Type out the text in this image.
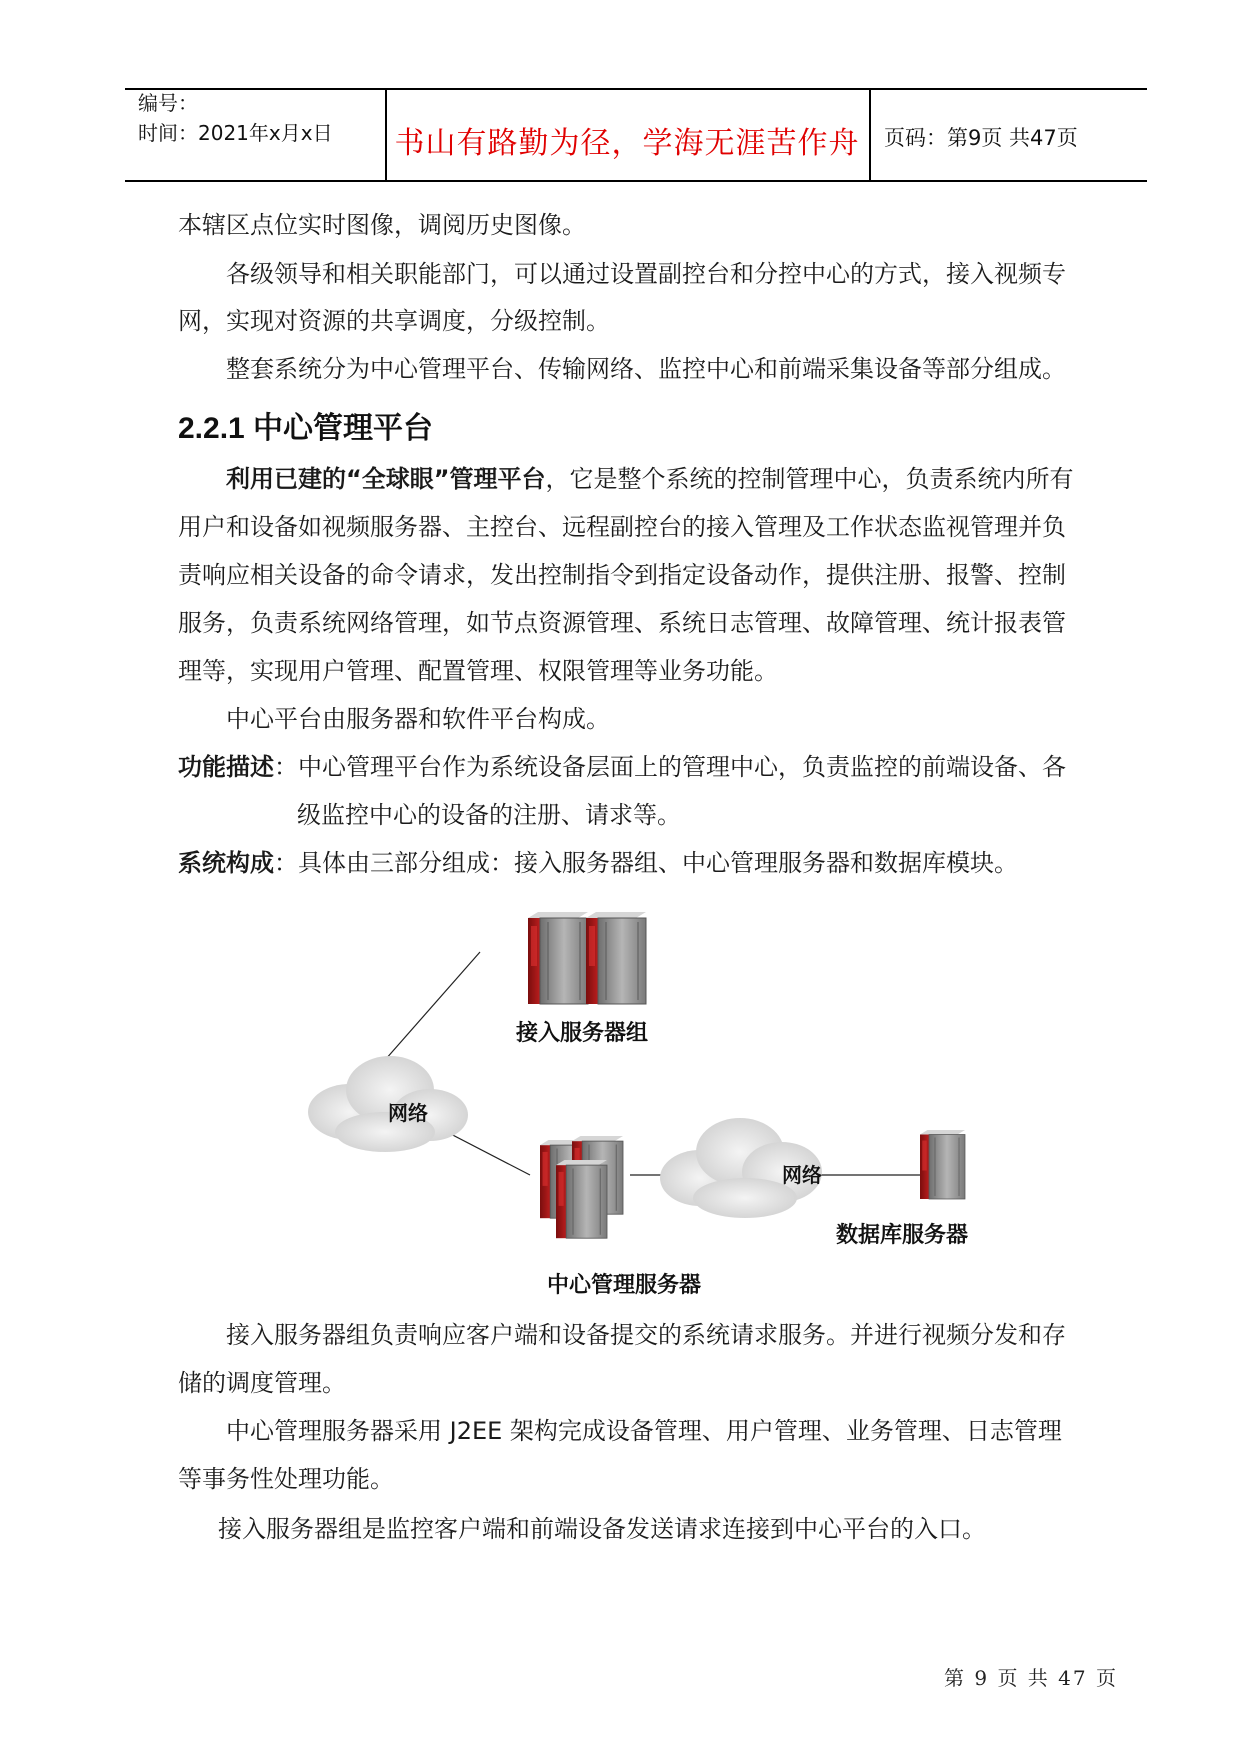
编号：
时间：2021年x月x日 书山有路勤为径，学海无涯苦作舟	页码：第9页 共47页
本辖区点位实时图像，调阅历史图像。
各级领导和相关职能部门，可以通过设置副控台和分控中心的方式，接入视频专
网，实现对资源的共享调度，分级控制。
整套系统分为中心管理平台、传输网络、监控中心和前端采集设备等部分组成。
2.2.1 中心管理平台
利用已建的“全球眼”管理平台，它是整个系统的控制管理中心，负责系统内所有
用户和设备如视频服务器、主控台、远程副控台的接入管理及工作状态监视管理并负
责响应相关设备的命令请求，发出控制指令到指定设备动作，提供注册、报警、控制
服务，负责系统网络管理，如节点资源管理、系统日志管理、故障管理、统计报表管
理等，实现用户管理、配置管理、权限管理等业务功能。
中心平台由服务器和软件平台构成。
功能描述：中心管理平台作为系统设备层面上的管理中心，负责监控的前端设备、各
级监控中心的设备的注册、请求等。
系统构成：具体由三部分组成：接入服务器组、中心管理服务器和数据库模块。
接入服务器组
网络
中心管理服务器
网络
数据库服务器
接入服务器组负责响应客户端和设备提交的系统请求服务。并进行视频分发和存
储的调度管理。
中心管理服务器采用 J2EE 架构完成设备管理、用户管理、业务管理、日志管理
等事务性处理功能。
接入服务器组是监控客户端和前端设备发送请求连接到中心平台的入口。
第 9 页 共 47 页
